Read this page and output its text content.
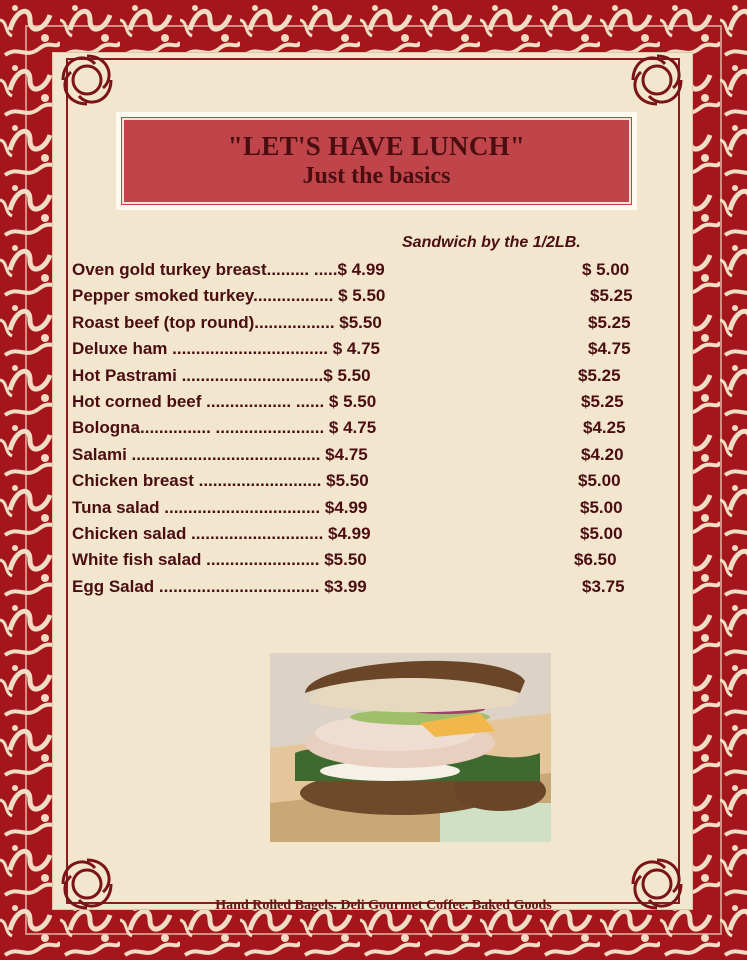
"LET'S HAVE LUNCH"
Just the basics
Sandwich by the 1/2LB.
Oven gold turkey breast......... .....$ 4.99	$ 5.00
Pepper smoked turkey................. $ 5.50	$5.25
Roast beef (top round)................. $5.50	$5.25
Deluxe ham ................................. $ 4.75	$4.75
Hot Pastrami ..............................$ 5.50	$5.25
Hot corned beef .................. ...... $ 5.50	$5.25
Bologna............... ....................... $ 4.75	$4.25
Salami ........................................ $4.75	$4.20
Chicken breast .......................... $5.50	$5.00
Tuna salad ................................. $4.99	$5.00
Chicken salad ............................ $4.99	$5.00
White fish salad ........................ $5.50	$6.50
Egg Salad .................................. $3.99	$3.75
Hand Rolled Bagels. Deli Gourmet Coffee. Baked Goods
